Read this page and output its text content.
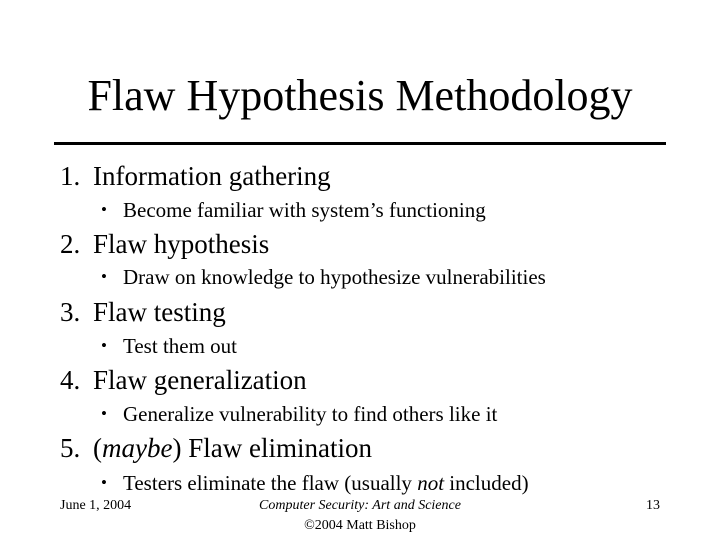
Flaw Hypothesis Methodology
1. Information gathering
• Become familiar with system’s functioning
2. Flaw hypothesis
• Draw on knowledge to hypothesize vulnerabilities
3. Flaw testing
• Test them out
4. Flaw generalization
• Generalize vulnerability to find others like it
5. (maybe) Flaw elimination
• Testers eliminate the flaw (usually not included)
June 1, 2004	Computer Security: Art and Science
©2004 Matt Bishop
13
